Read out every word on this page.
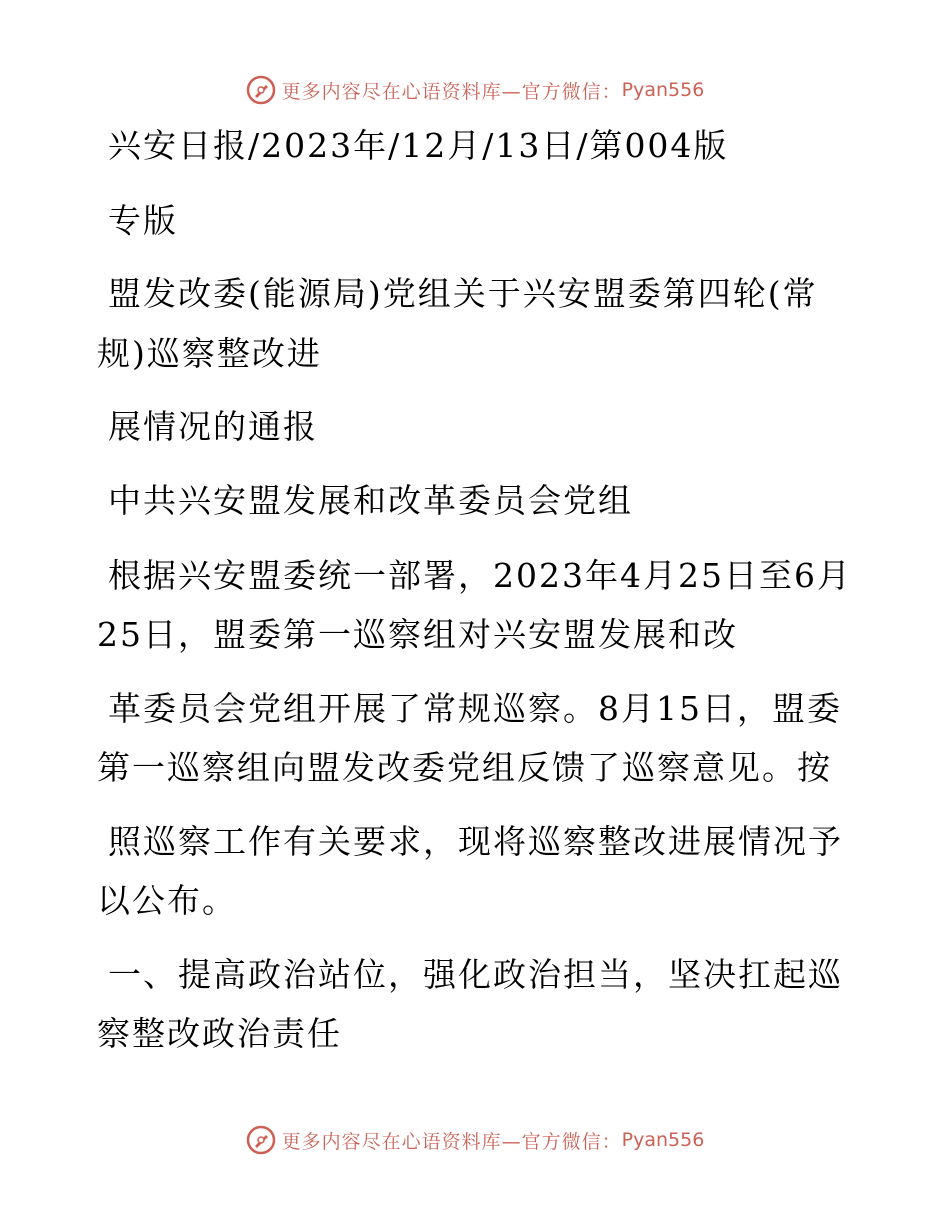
更多内容尽在心语资料库—官方微信： Pyan556
兴安日报/2023年/12月/13日/第004版
专版
盟发改委(能源局)党组关于兴安盟委第四轮(常
规)巡察整改进
展情况的通报
中共兴安盟发展和改革委员会党组
根据兴安盟委统一部署，2023年4月25日至6月
25日，盟委第一巡察组对兴安盟发展和改
革委员会党组开展了常规巡察。8月15日，盟委
第一巡察组向盟发改委党组反馈了巡察意见。按
照巡察工作有关要求，现将巡察整改进展情况予
以公布。
一、提高政治站位，强化政治担当，坚决扛起巡
察整改政治责任
更多内容尽在心语资料库—官方微信： Pyan556
